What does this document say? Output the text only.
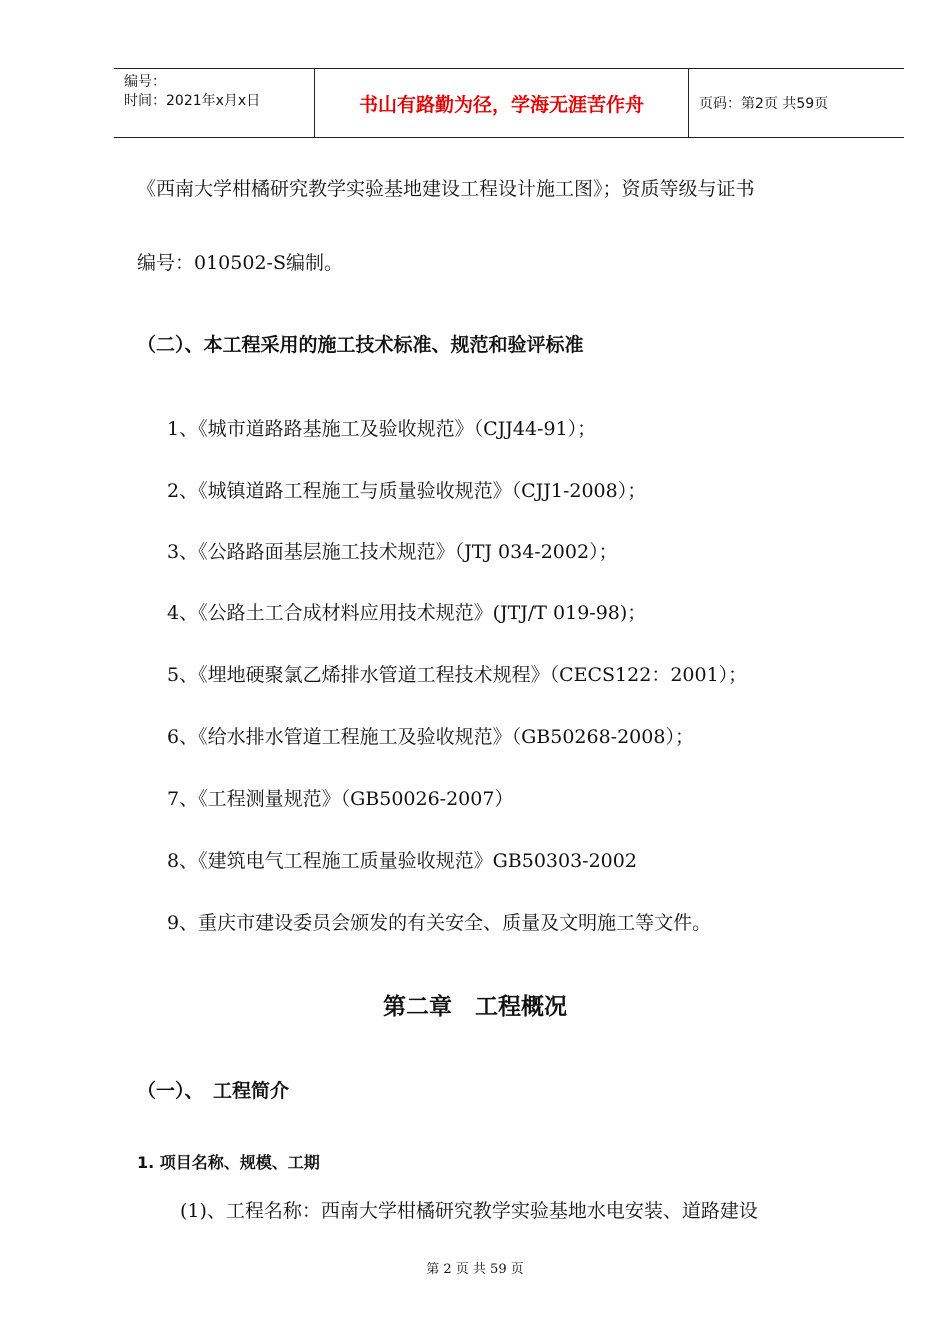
编号：
时间：2021年x月x日	书山有路勤为径，学海无涯苦作舟	页码：第2页 共59页
《西南大学柑橘研究教学实验基地建设工程设计施工图》；资质等级与证书
编号：010502-S编制。
（二）、本工程采用的施工技术标准、规范和验评标准
1、《城市道路路基施工及验收规范》（CJJ44-91）；
2、《城镇道路工程施工与质量验收规范》（CJJ1-2008）；
3、《公路路面基层施工技术规范》（JTJ 034-2002）；
4、《公路土工合成材料应用技术规范》(JTJ/T 019-98)；
5、《埋地硬聚氯乙烯排水管道工程技术规程》（CECS122：2001）；
6、《给水排水管道工程施工及验收规范》（GB50268-2008）；
7、《工程测量规范》（GB50026-2007）
8、《建筑电气工程施工质量验收规范》GB50303-2002
9、重庆市建设委员会颁发的有关安全、质量及文明施工等文件。
第二章　工程概况
（一）、　工程简介
1. 项目名称、规模、工期
(1)、工程名称：西南大学柑橘研究教学实验基地水电安装、道路建设
第 2 页 共 59 页
